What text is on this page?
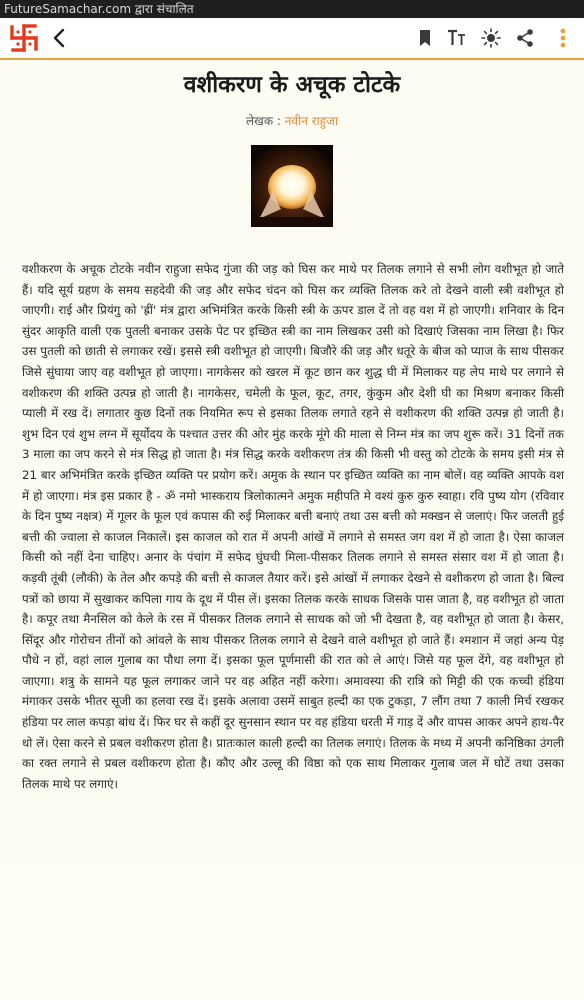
FutureSamachar.com द्वारा संचालित
वशीकरण के अचूक टोटके
लेखक : नवीन राहुजा
वशीकरण के अचूक टोटके नवीन राहुजा सफेद गुंजा की जड़ को घिस कर माथे पर तिलक लगाने से सभी लोग वशीभूत हो जाते हैं। यदि सूर्य ग्रहण के समय सहदेवी की जड़ और सफेद चंदन को घिस कर व्यक्ति तिलक करे तो देखने वाली स्त्री वशीभूत हो जाएगी। राई और प्रियंगु को 'ह्रीं' मंत्र द्वारा अभिमंत्रित करके किसी स्त्री के ऊपर डाल दें तो वह वश में हो जाएगी। शनिवार के दिन सुंदर आकृति वाली एक पुतली बनाकर उसके पेट पर इच्छित स्त्री का नाम लिखकर उसी को दिखाएं जिसका नाम लिखा है। फिर उस पुतली को छाती से लगाकर रखें। इससे स्त्री वशीभूत हो जाएगी। बिजौरे की जड़ और धतूरे के बीज को प्याज के साथ पीसकर जिसे सुंघाया जाए वह वशीभूत हो जाएगा। नागकेसर को खरल में कूट छान कर शुद्ध घी में मिलाकर यह लेप माथे पर लगाने से वशीकरण की शक्ति उत्पन्न हो जाती है। नागकेसर, चमेली के फूल, कूट, तगर, कुंकुम और देशी घी का मिश्रण बनाकर किसी प्याली में रख दें। लगातार कुछ दिनों तक नियमित रूप से इसका तिलक लगाते रहने से वशीकरण की शक्ति उत्पन्न हो जाती है। शुभ दिन एवं शुभ लग्न में सूर्योदय के पश्चात उत्तर की ओर मुंह करके मूंगे की माला से निम्न मंत्र का जप शुरू करें। 31 दिनों तक 3 माला का जप करने से मंत्र सिद्ध हो जाता है। मंत्र सिद्ध करके वशीकरण तंत्र की किसी भी वस्तु को टोटके के समय इसी मंत्र से 21 बार अभिमंत्रित करके इच्छित व्यक्ति पर प्रयोग करें। अमुक के स्थान पर इच्छित व्यक्ति का नाम बोलें। वह व्यक्ति आपके वश में हो जाएगा। मंत्र इस प्रकार है - ॐ नमो भास्कराय त्रिलोकात्मने अमुक महीपति मे वश्यं कुरु कुरु स्वाहा। रवि पुष्य योग (रविवार के दिन पुष्य नक्षत्र) में गूलर के फूल एवं कपास की रुई मिलाकर बत्ती बनाएं तथा उस बत्ती को मक्खन से जलाएं। फिर जलती हुई बत्ती की ज्वाला से काजल निकालें। इस काजल को रात में अपनी आंखें में लगाने से समस्त जग वश में हो जाता है। ऐसा काजल किसी को नहीं देना चाहिए। अनार के पंचांग में सफेद घुंघची मिला-पीसकर तिलक लगाने से समस्त संसार वश में हो जाता है। कड़वी तूंबी (लौकी) के तेल और कपड़े की बत्ती से काजल तैयार करें। इसे आंखों में लगाकर देखने से वशीकरण हो जाता है। बिल्व पत्रों को छाया में सुखाकर कपिला गाय के दूध में पीस लें। इसका तिलक करके साधक जिसके पास जाता है, वह वशीभूत हो जाता है। कपूर तथा मैनसिल को केले के रस में पीसकर तिलक लगाने से साधक को जो भी देखता है, वह वशीभूत हो जाता है। केसर, सिंदूर और गोरोचन तीनों को आंवले के साथ पीसकर तिलक लगाने से देखने वाले वशीभूत हो जाते हैं। श्मशान में जहां अन्य पेड़ पौधे न हों, वहां लाल गुलाब का पौधा लगा दें। इसका फूल पूर्णमासी की रात को ले आएं। जिसे यह फूल देंगे, वह वशीभूत हो जाएगा। शत्रु के सामने यह फूल लगाकर जाने पर वह अहित नहीं करेगा। अमावस्या की रात्रि को मिट्टी की एक कच्ची हंडिया मंगाकर उसके भीतर सूजी का हलवा रख दें। इसके अलावा उसमें साबुत हल्दी का एक टुकड़ा, 7 लौंग तथा 7 काली मिर्च रखकर हंडिया पर लाल कपड़ा बांध दें। फिर घर से कहीं दूर सुनसान स्थान पर वह हंडिया धरती में गाड़ दें और वापस आकर अपने हाथ-पैर धो लें। ऐसा करने से प्रबल वशीकरण होता है। प्रातःकाल काली हल्दी का तिलक लगाएं। तिलक के मध्य में अपनी कनिष्ठिका उंगली का रक्त लगाने से प्रबल वशीकरण होता है। कौए और उल्लू की विष्ठा को एक साथ मिलाकर गुलाब जल में घोटें तथा उसका तिलक माथे पर लगाएं।
